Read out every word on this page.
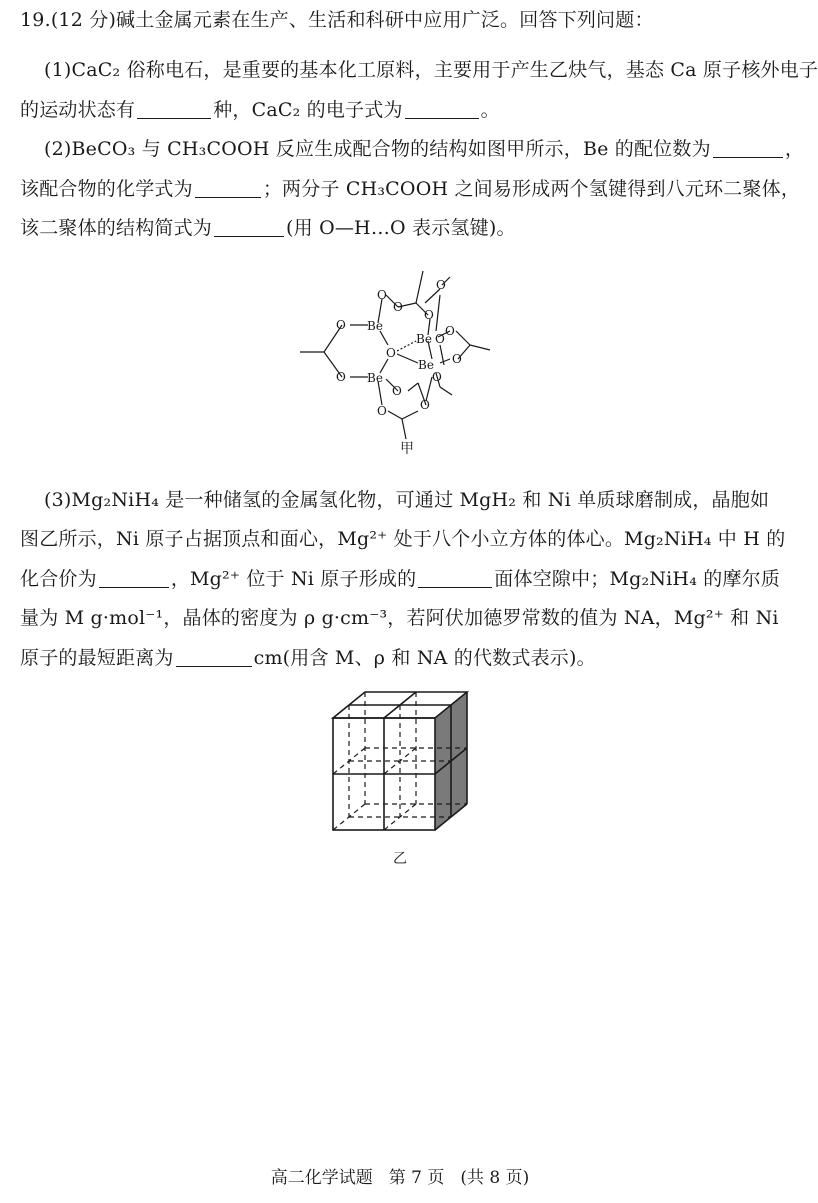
19.(12 分)碱土金属元素在生产、生活和科研中应用广泛。回答下列问题：
(1)CaC₂ 俗称电石，是重要的基本化工原料，主要用于产生乙炔气，基态 Ca 原子核外电子
的运动状态有	种，CaC₂ 的电子式为	。
(2)BeCO₃ 与 CH₃COOH 反应生成配合物的结构如图甲所示，Be 的配位数为	，
该配合物的化学式为	；两分子 CH₃COOH 之间易形成两个氢键得到八元环二聚体，
该二聚体的结构简式为	(用 O—H…O 表示氢键)。
O
O
Be
Be
O
O
O
O
O
Be
O
O
O
Be
O
O
O	O
甲
(3)Mg₂NiH₄ 是一种储氢的金属氢化物，可通过 MgH₂ 和 Ni 单质球磨制成，晶胞如
图乙所示，Ni 原子占据顶点和面心，Mg²⁺ 处于八个小立方体的体心。Mg₂NiH₄ 中 H 的
化合价为	，Mg²⁺ 位于 Ni 原子形成的	面体空隙中；Mg₂NiH₄ 的摩尔质
量为 M g·mol⁻¹，晶体的密度为 ρ g·cm⁻³，若阿伏加德罗常数的值为 NA，Mg²⁺ 和 Ni
原子的最短距离为	cm(用含 M、ρ 和 NA 的代数式表示)。
乙
高二化学试题 第 7 页 (共 8 页)
